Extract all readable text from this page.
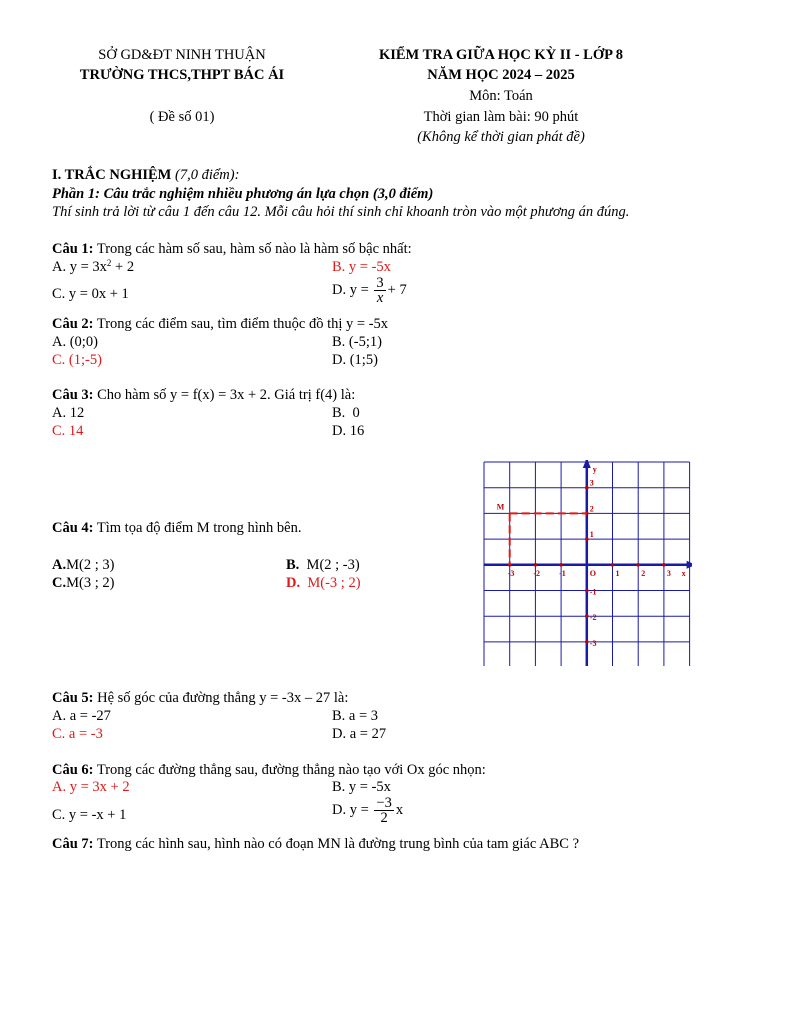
SỞ GD&ĐT NINH THUẬN
TRƯỜNG THCS,THPT BÁC ÁI
( Đề số 01)
KIỂM TRA GIỮA HỌC KỲ II - LỚP 8
NĂM HỌC 2024 – 2025
Môn: Toán
Thời gian làm bài: 90 phút
(Không kể thời gian phát đề)
I. TRẮC NGHIỆM (7,0 điểm):
Phần 1: Câu trắc nghiệm nhiều phương án lựa chọn (3,0 điểm)
Thí sinh trả lời từ câu 1 đến câu 12. Mỗi câu hỏi thí sinh chỉ khoanh tròn vào một phương án đúng.
Câu 1: Trong các hàm số sau, hàm số nào là hàm số bậc nhất:
A. $y = 3x^2 + 2$	B. y = -5x
C. y = 0x + 1	D. $y = \frac{3}{x} + 7$
Câu 2: Trong các điểm sau, tìm điểm thuộc đồ thị y = -5x
A. (0;0)	B. (-5;1)
C. (1;-5)	D. (1;5)
Câu 3: Cho hàm số y = f(x) = 3x + 2. Giá trị f(4) là:
A. 12	B.  0
C. 14	D. 16
Câu 4: Tìm tọa độ điểm M trong hình bên.
A.M(2 ; 3)	B. M(2 ; -3)
C.M(3 ; 2)	D. M(-3 ; 2)
-3 -2 -1	1	2	3
3
2
1
-1
-2
-3
O	x
y
M
Câu 5: Hệ số góc của đường thẳng y = -3x – 27 là:
A. a = -27	B. a = 3
C. a = -3	D. a = 27
Câu 6: Trong các đường thẳng sau, đường thẳng nào tạo với Ox góc nhọn:
A. y = 3x + 2	B. y = -5x
C. y = -x + 1	D. $y = \frac{-3}{2}$ x
Câu 7: Trong các hình sau, hình nào có đoạn MN là đường trung bình của tam giác ABC ?
